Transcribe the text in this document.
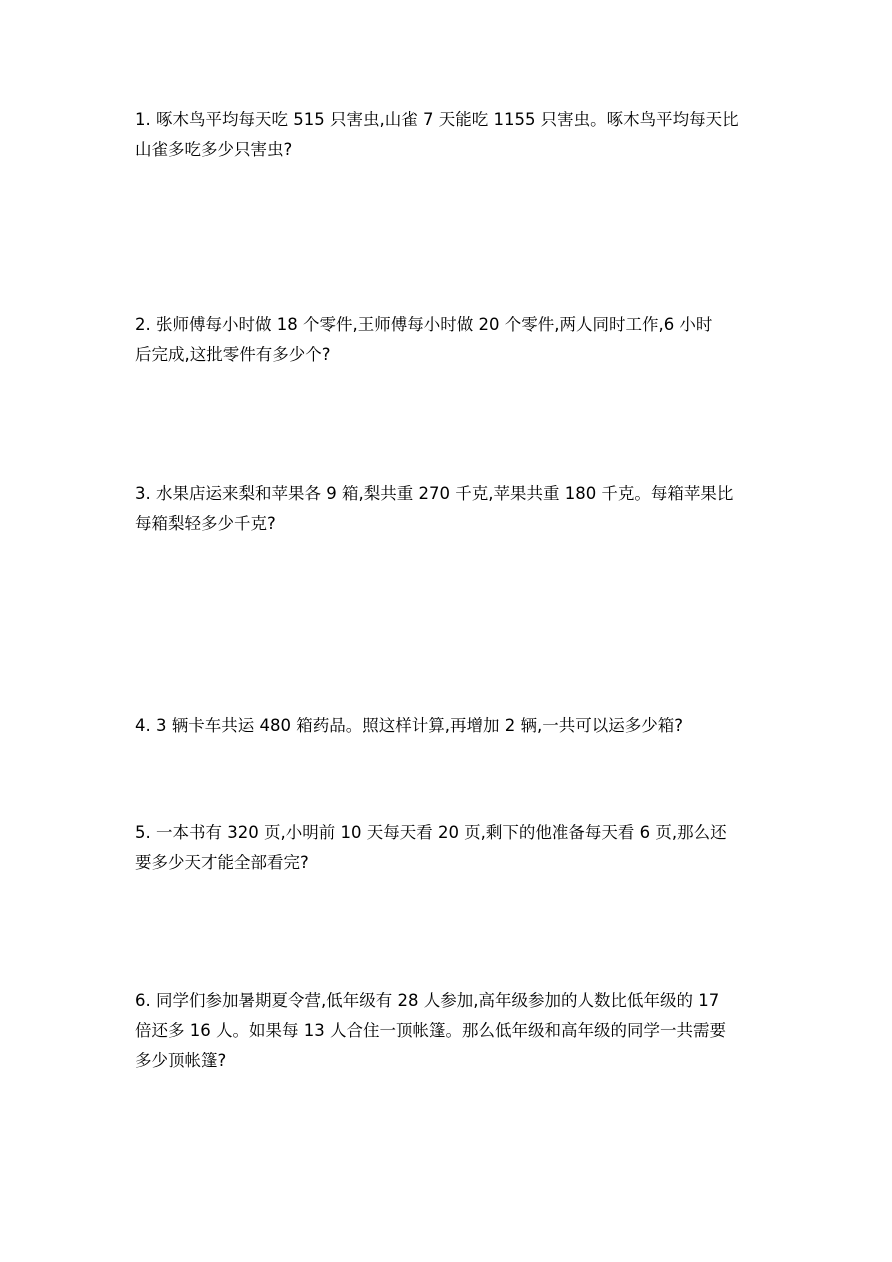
1. 啄木鸟平均每天吃 515 只害虫,山雀 7 天能吃 1155 只害虫。啄木鸟平均每天比
山雀多吃多少只害虫?
2. 张师傅每小时做 18 个零件,王师傅每小时做 20 个零件,两人同时工作,6 小时
后完成,这批零件有多少个?
3. 水果店运来梨和苹果各 9 箱,梨共重 270 千克,苹果共重 180 千克。每箱苹果比
每箱梨轻多少千克?
4. 3 辆卡车共运 480 箱药品。照这样计算,再增加 2 辆,一共可以运多少箱?
5. 一本书有 320 页,小明前 10 天每天看 20 页,剩下的他准备每天看 6 页,那么还
要多少天才能全部看完?
6. 同学们参加暑期夏令营,低年级有 28 人参加,高年级参加的人数比低年级的 17
倍还多 16 人。如果每 13 人合住一顶帐篷。那么低年级和高年级的同学一共需要
多少顶帐篷?
